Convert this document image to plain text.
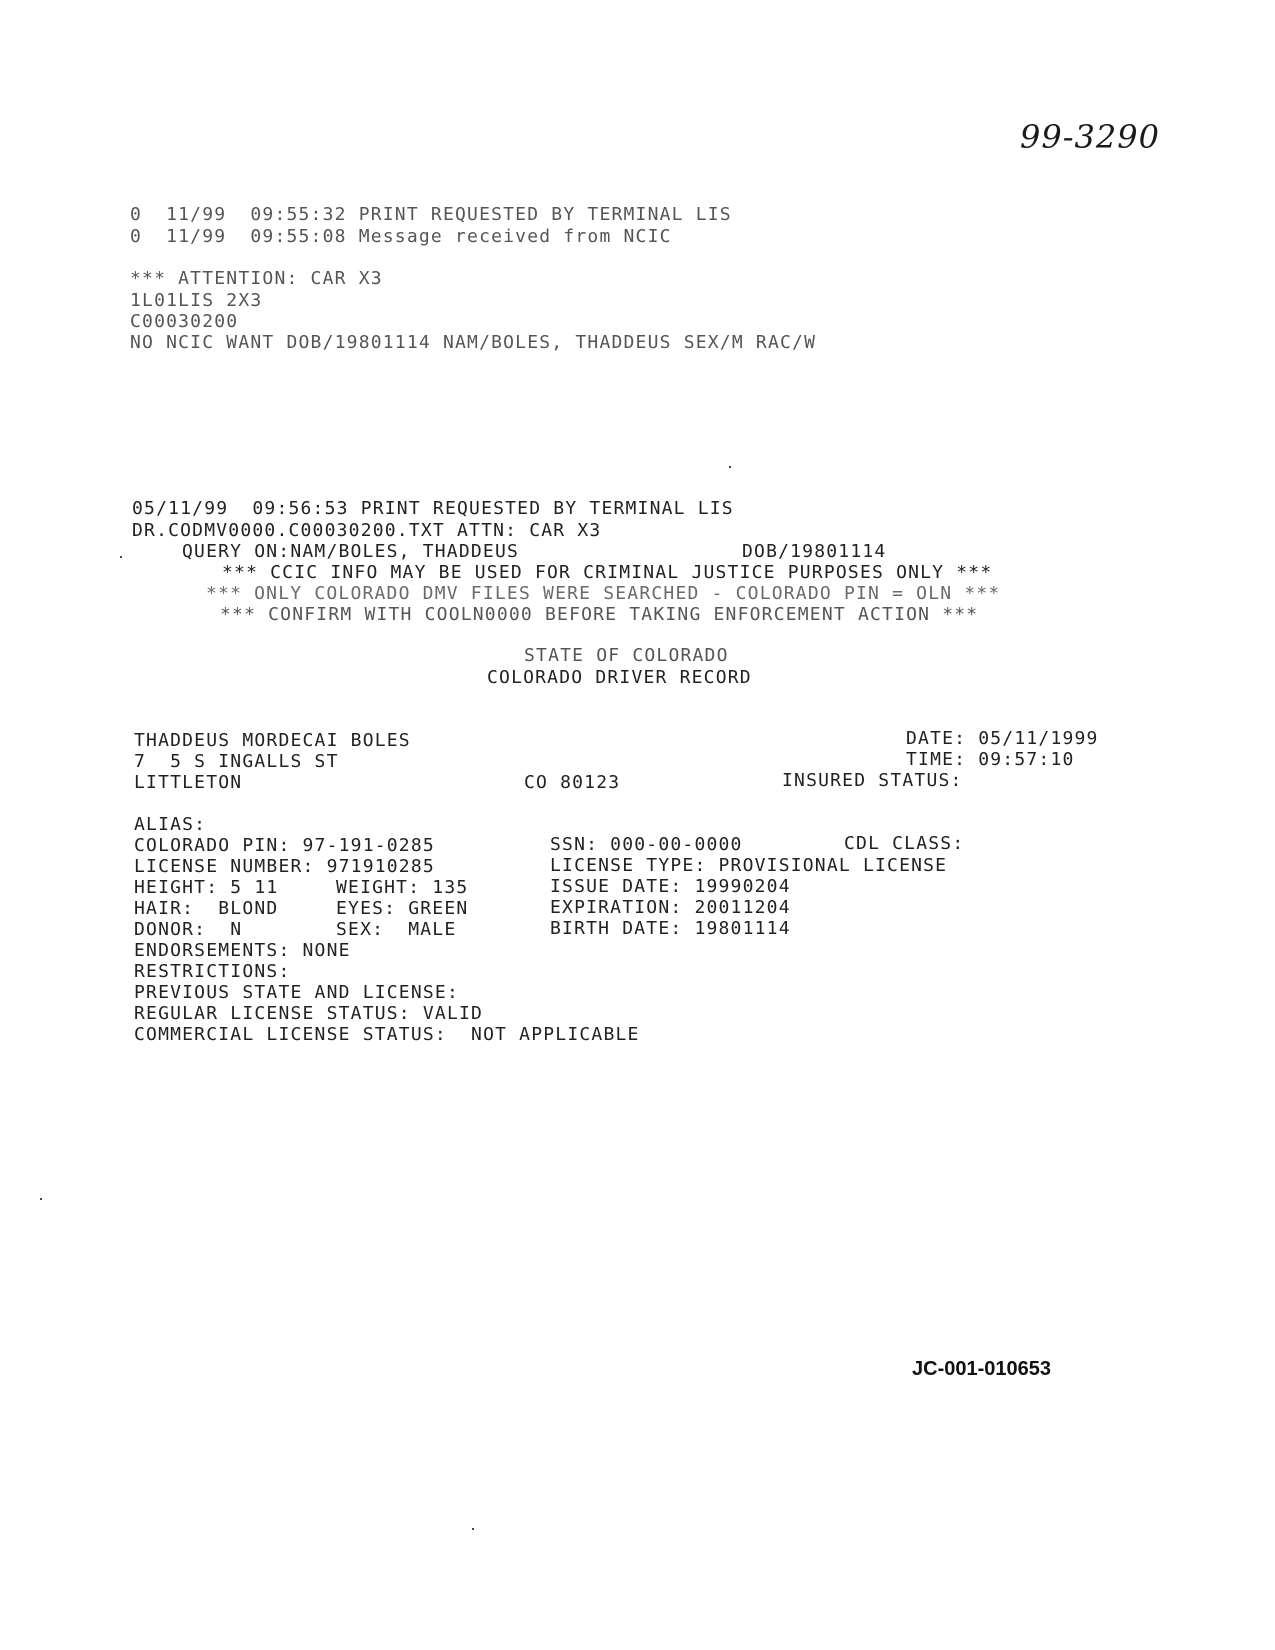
99-3290
0  11/99  09:55:32 PRINT REQUESTED BY TERMINAL LIS
0  11/99  09:55:08 Message received from NCIC
*** ATTENTION: CAR X3
1L01LIS 2X3
C00030200
NO NCIC WANT DOB/19801114 NAM/BOLES, THADDEUS SEX/M RAC/W
05/11/99  09:56:53 PRINT REQUESTED BY TERMINAL LIS
DR.CODMV0000.C00030200.TXT ATTN: CAR X3
QUERY ON:NAM/BOLES, THADDEUS	DOB/19801114
*** CCIC INFO MAY BE USED FOR CRIMINAL JUSTICE PURPOSES ONLY ***
*** ONLY COLORADO DMV FILES WERE SEARCHED - COLORADO PIN = OLN ***
*** CONFIRM WITH COOLN0000 BEFORE TAKING ENFORCEMENT ACTION ***
STATE OF COLORADO
COLORADO DRIVER RECORD
THADDEUS MORDECAI BOLES
7  5 S INGALLS ST
LITTLETON	CO 80123
DATE: 05/11/1999
TIME: 09:57:10
INSURED STATUS:
ALIAS:
COLORADO PIN: 97-191-0285	SSN: 000-00-0000	CDL CLASS:
LICENSE NUMBER: 971910285	LICENSE TYPE: PROVISIONAL LICENSE
HEIGHT: 5 11	WEIGHT: 135	ISSUE DATE: 19990204
HAIR:  BLOND	EYES: GREEN	EXPIRATION: 20011204
DONOR:  N	SEX:  MALE	BIRTH DATE: 19801114
ENDORSEMENTS: NONE
RESTRICTIONS:
PREVIOUS STATE AND LICENSE:
REGULAR LICENSE STATUS: VALID
COMMERCIAL LICENSE STATUS:  NOT APPLICABLE
JC-001-010653
